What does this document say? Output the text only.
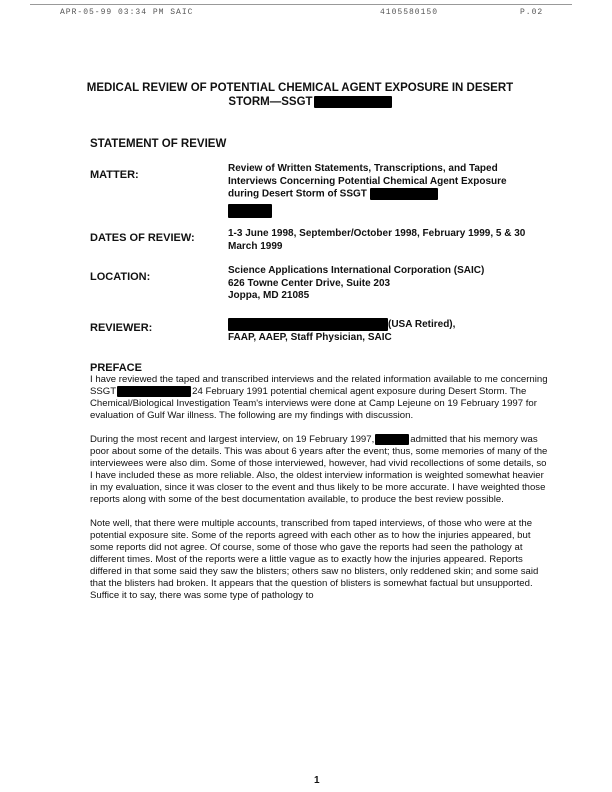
APR-05-99 03:34 PM SAIC	4105580150	P.02
MEDICAL REVIEW OF POTENTIAL CHEMICAL AGENT EXPOSURE IN DESERT
STORM—SSGT
STATEMENT OF REVIEW
MATTER:
Review of Written Statements, Transcriptions, and Taped Interviews Concerning Potential Chemical Agent Exposure during Desert Storm of SSGT

DATES OF REVIEW:	1-3 June 1998, September/October 1998, February 1999, 5 & 30 March 1999
LOCATION:
Science Applications International Corporation (SAIC)
626 Towne Center Drive, Suite 203
Joppa, MD 21085
REVIEWER:	(USA Retired),
FAAP, AAEP, Staff Physician, SAIC
PREFACE

I have reviewed the taped and transcribed interviews and the related information available to me concerning SSGT	24 February 1991 potential chemical agent exposure during Desert Storm. The Chemical/Biological Investigation Team's interviews were done at Camp Lejeune on 19 February 1997 for evaluation of Gulf War illness. The following are my findings with discussion.

During the most recent and largest interview, on 19 February 1997,	admitted that his memory was poor about some of the details. This was about 6 years after the event; thus, some memories of many of the interviewees were also dim. Some of those interviewed, however, had vivid recollections of some details, so I have included these as more reliable. Also, the oldest interview information is weighted somewhat heavier in my evaluation, since it was closer to the event and thus likely to be more accurate. I have weighted those reports along with some of the best documentation available, to produce the best review possible.

Note well, that there were multiple accounts, transcribed from taped interviews, of those who were at the potential exposure site. Some of the reports agreed with each other as to how the injuries appeared, but some reports did not agree. Of course, some of those who gave the reports had seen the pathology at different times. Most of the reports were a little vague as to exactly how the injuries appeared. Reports differed in that some said they saw the blisters; others saw no blisters, only reddened skin; and some said that the blisters had broken. It appears that the question of blisters is somewhat factual but unsupported. Suffice it to say, there was some type of pathology to

1
